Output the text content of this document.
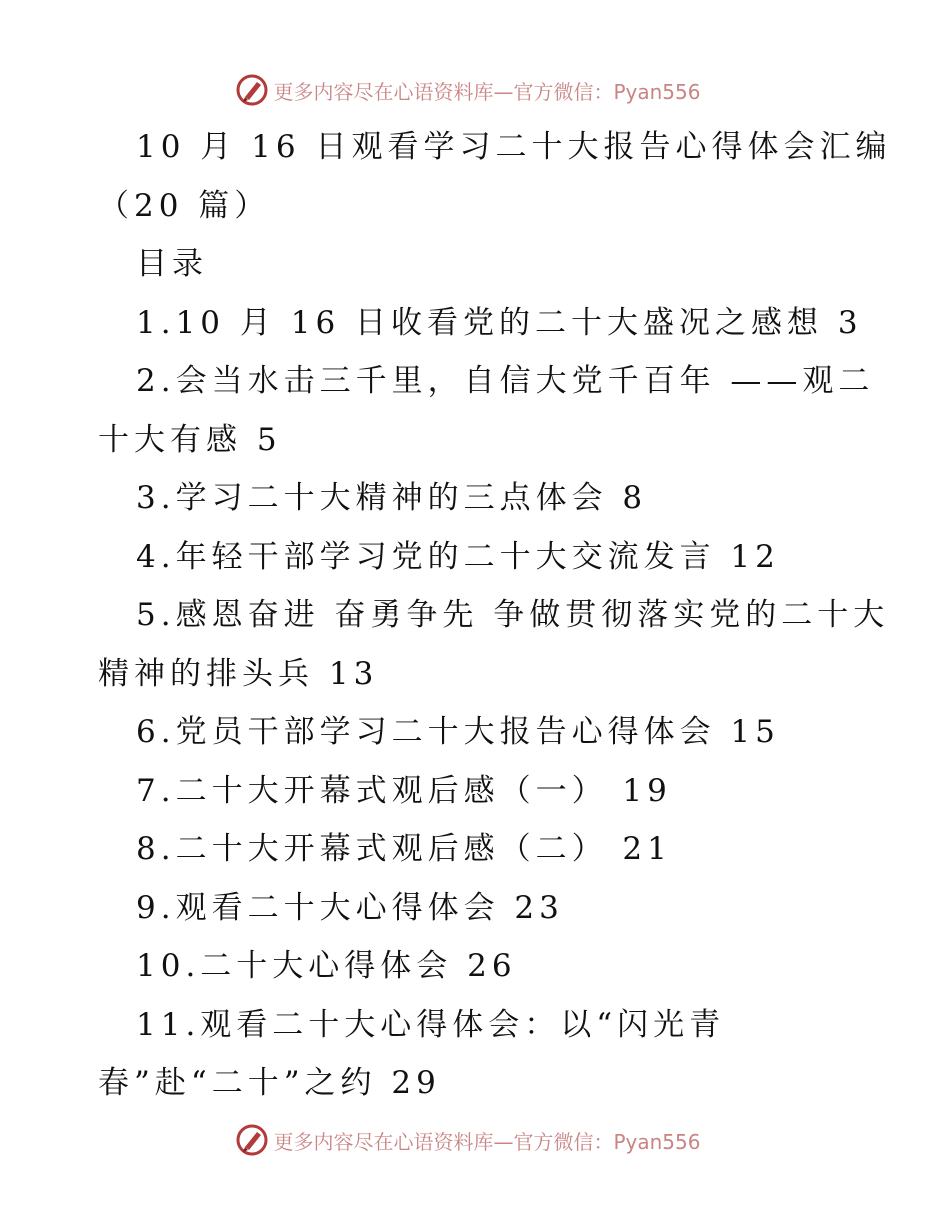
更多内容尽在心语资料库—官方微信：Pyan556
10 月 16 日观看学习二十大报告心得体会汇编
（20 篇）
目录
1.10 月 16 日收看党的二十大盛况之感想 3
2.会当水击三千里，自信大党千百年 ——观二
十大有感 5
3.学习二十大精神的三点体会 8
4.年轻干部学习党的二十大交流发言 12
5.感恩奋进 奋勇争先 争做贯彻落实党的二十大
精神的排头兵 13
6.党员干部学习二十大报告心得体会 15
7.二十大开幕式观后感（一） 19
8.二十大开幕式观后感（二） 21
9.观看二十大心得体会 23
10.二十大心得体会 26
11.观看二十大心得体会：以“闪光青
春”赴“二十”之约 29
更多内容尽在心语资料库—官方微信：Pyan556
